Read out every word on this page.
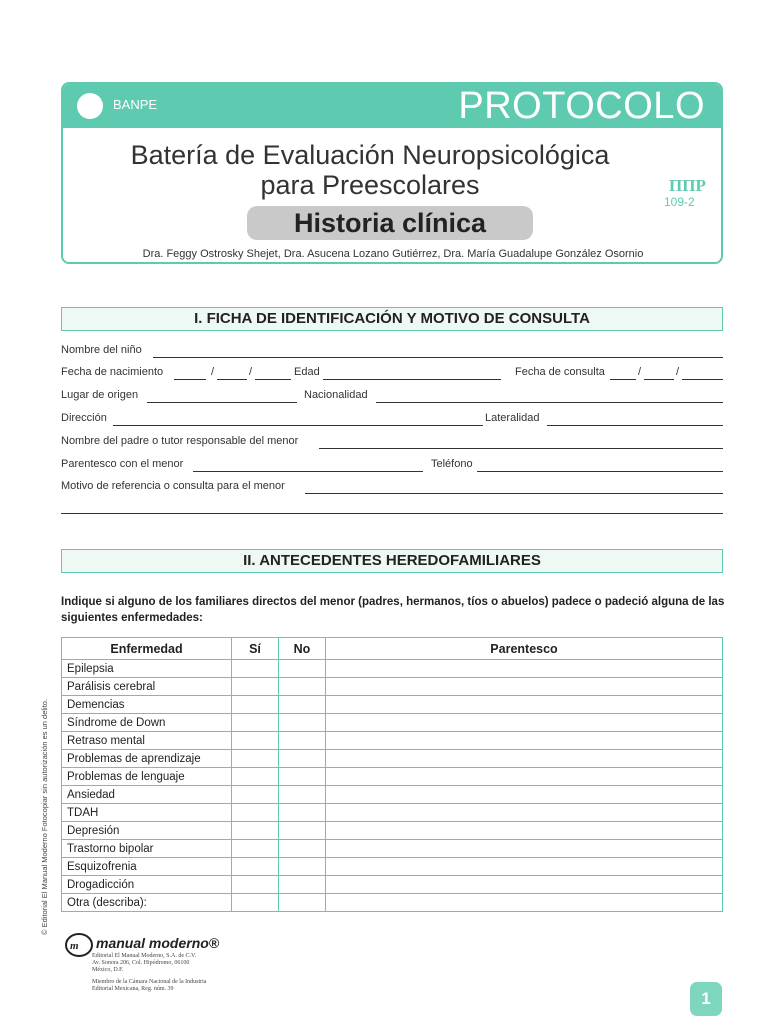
BANPE	PROTOCOLO
Batería de Evaluación Neuropsicológica
para Preescolares	ΠΠΡ
109-2
Historia clínica
Dra. Feggy Ostrosky Shejet, Dra. Asucena Lozano Gutiérrez, Dra. María Guadalupe González Osornio
I. FICHA DE IDENTIFICACIÓN Y MOTIVO DE CONSULTA
Nombre del niño
Fecha de nacimiento	/	/	Edad	Fecha de consulta	/	/
Lugar de origen	Nacionalidad
Dirección	Lateralidad
Nombre del padre o tutor responsable del menor
Parentesco con el menor	Teléfono
Motivo de referencia o consulta para el menor
II. ANTECEDENTES HEREDOFAMILIARES
Indique si alguno de los familiares directos del menor (padres, hermanos, tíos o abuelos) padece o padeció alguna de las siguientes enfermedades:
Enfermedad	Sí	No	Parentesco
Epilepsia			
Parálisis cerebral			
Demencias			
Síndrome de Down			
Retraso mental			
Problemas de aprendizaje			
Problemas de lenguaje			
Ansiedad			
TDAH			
Depresión			
Trastorno bipolar			
Esquizofrenia			
Drogadicción			
Otra (describa):			
© Editorial El Manual Moderno Fotocopiar sin autorización es un delito.
m manual moderno®
Editorial El Manual Moderno, S.A. de C.V.
Av. Sonora 206, Col. Hipódromo, 06100
México, D.F.
Miembro de la Cámara Nacional de la Industria
Editorial Mexicana, Reg. núm. 39	1
